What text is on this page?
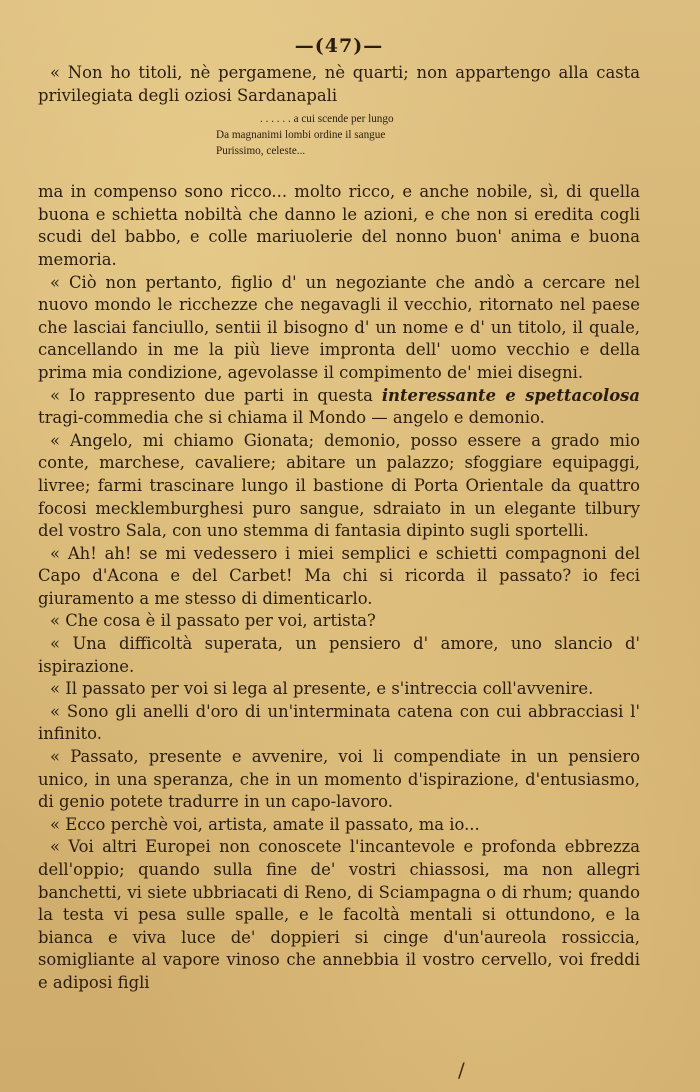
—(47)—

« Non ho titoli, nè pergamene, nè quarti; non appartengo alla casta privilegiata degli oziosi Sardanapali

. . . . . . a cui scende per lungo
Da magnanimi lombi ordine il sangue
Purissimo, celeste...

ma in compenso sono ricco... molto ricco, e anche nobile, sì, di quella buona e schietta nobiltà che danno le azioni, e che non si eredita cogli scudi del babbo, e colle mariuolerie del nonno buon' anima e buona memoria.

« Ciò non pertanto, figlio d' un negoziante che andò a cercare nel nuovo mondo le ricchezze che negavagli il vecchio, ritornato nel paese che lasciai fanciullo, sentii il bisogno d' un nome e d' un titolo, il quale, cancellando in me la più lieve impronta dell' uomo vecchio e della prima mia condizione, agevolasse il compimento de' miei disegni.

« Io rappresento due parti in questa interessante e spettacolosa tragi-commedia che si chiama il Mondo — angelo e demonio.

« Angelo, mi chiamo Gionata; demonio, posso essere a grado mio conte, marchese, cavaliere; abitare un palazzo; sfoggiare equipaggi, livree; farmi trascinare lungo il bastione di Porta Orientale da quattro focosi mecklemburghesi puro sangue, sdraiato in un elegante tilbury del vostro Sala, con uno stemma di fantasia dipinto sugli sportelli.

« Ah! ah! se mi vedessero i miei semplici e schietti compagnoni del Capo d'Acona e del Carbet! Ma chi si ricorda il passato? io feci giuramento a me stesso di dimenticarlo.

« Che cosa è il passato per voi, artista?

« Una difficoltà superata, un pensiero d' amore, uno slancio d' ispirazione.

« Il passato per voi si lega al presente, e s'intreccia coll'avvenire.

« Sono gli anelli d'oro di un'interminata catena con cui abbracciasi l' infinito.

« Passato, presente e avvenire, voi li compendiate in un pensiero unico, in una speranza, che in un momento d'ispirazione, d'entusiasmo, di genio potete tradurre in un capo-lavoro.

« Ecco perchè voi, artista, amate il passato, ma io...

« Voi altri Europei non conoscete l'incantevole e profonda ebbrezza dell'oppio; quando sulla fine de' vostri chiassosi, ma non allegri banchetti, vi siete ubbriacati di Reno, di Sciampagna o di rhum; quando la testa vi pesa sulle spalle, e le facoltà mentali si ottundono, e la bianca e viva luce de' doppieri si cinge d'un'aureola rossiccia, somigliante al vapore vinoso che annebbia il vostro cervello, voi freddi e adiposi figli

/
